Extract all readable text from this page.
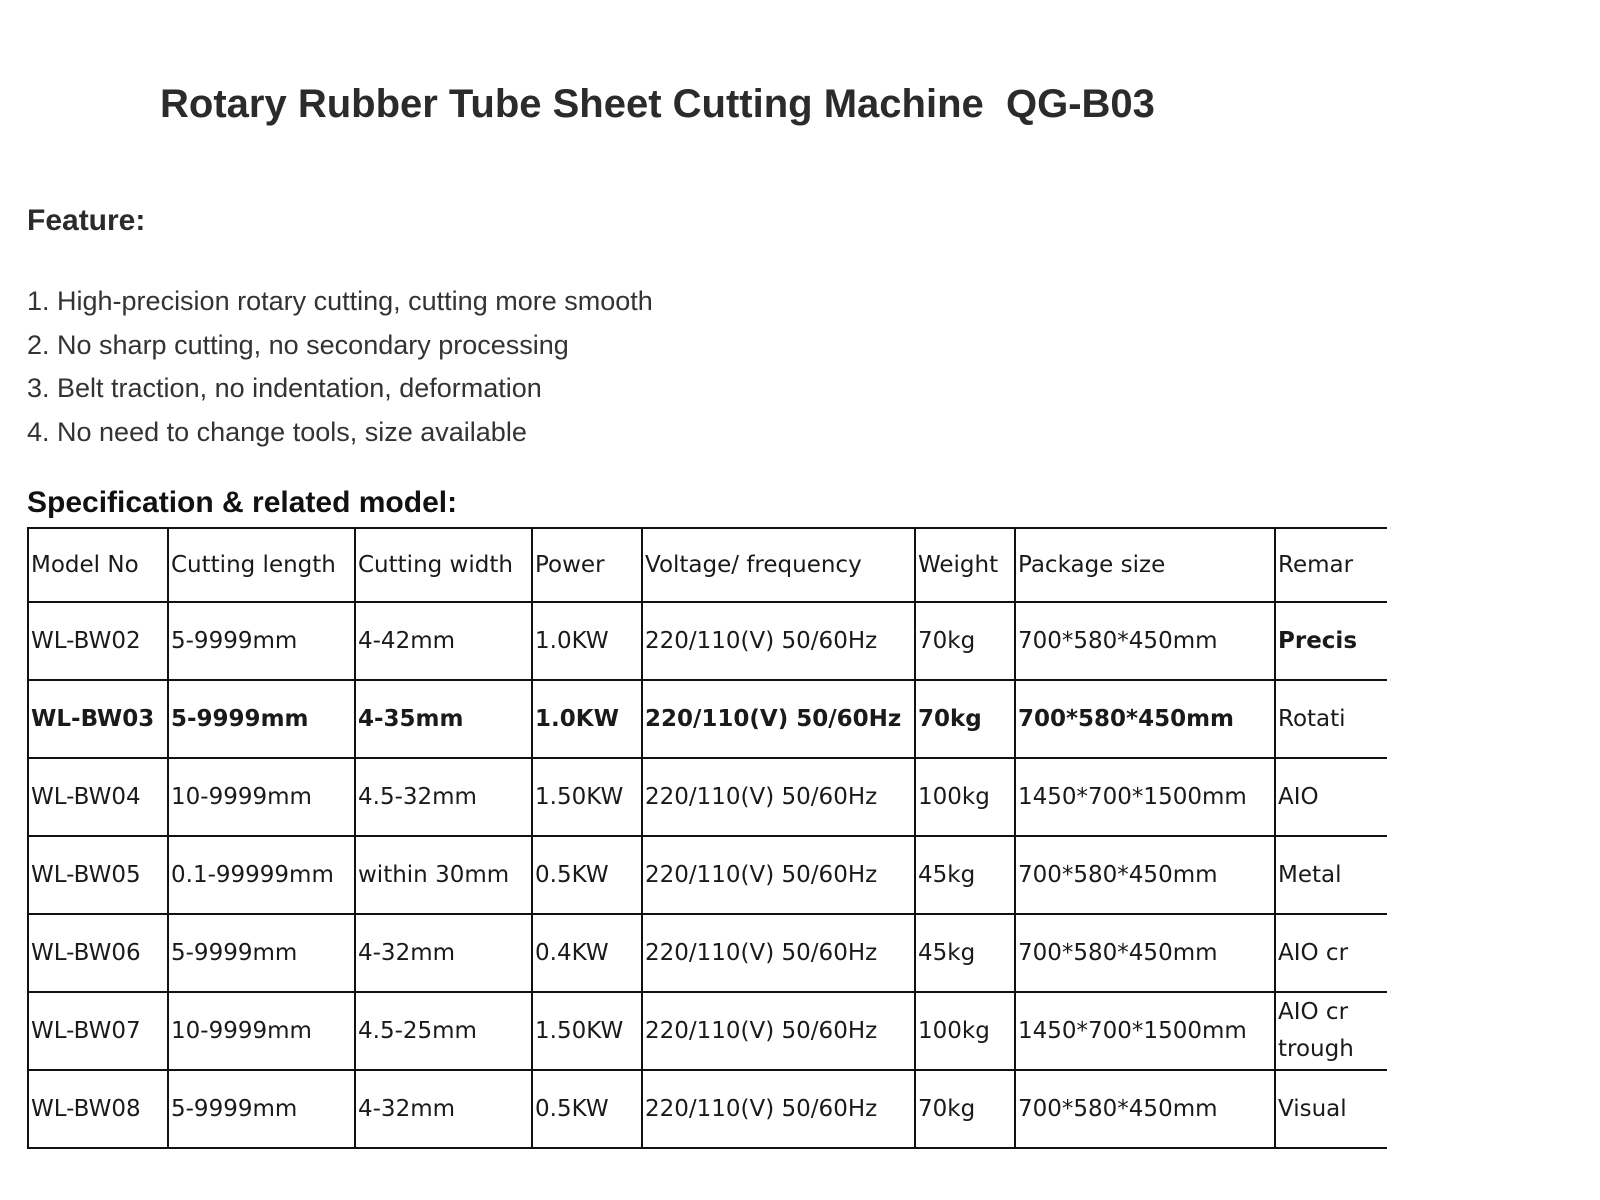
Rotary Rubber Tube Sheet Cutting Machine  QG-B03
Feature:
1. High-precision rotary cutting, cutting more smooth
2. No sharp cutting, no secondary processing
3. Belt traction, no indentation, deformation
4. No need to change tools, size available
Specification & related model:
Model No	Cutting length	Cutting width	Power	Voltage/ frequency	Weight	Package size	Remar
WL-BW02	5-9999mm	4-42mm	1.0KW	220/110(V) 50/60Hz	70kg	700*580*450mm	Precis
WL-BW03	5-9999mm	4-35mm	1.0KW	220/110(V) 50/60Hz	70kg	700*580*450mm	Rotati
WL-BW04	10-9999mm	4.5-32mm	1.50KW	220/110(V) 50/60Hz	100kg	1450*700*1500mm	AIO
WL-BW05	0.1-99999mm	within 30mm	0.5KW	220/110(V) 50/60Hz	45kg	700*580*450mm	Metal
WL-BW06	5-9999mm	4-32mm	0.4KW	220/110(V) 50/60Hz	45kg	700*580*450mm	AIO cr
WL-BW07	10-9999mm	4.5-25mm	1.50KW	220/110(V) 50/60Hz	100kg	1450*700*1500mm	AIO cr trough
WL-BW08	5-9999mm	4-32mm	0.5KW	220/110(V) 50/60Hz	70kg	700*580*450mm	Visual
